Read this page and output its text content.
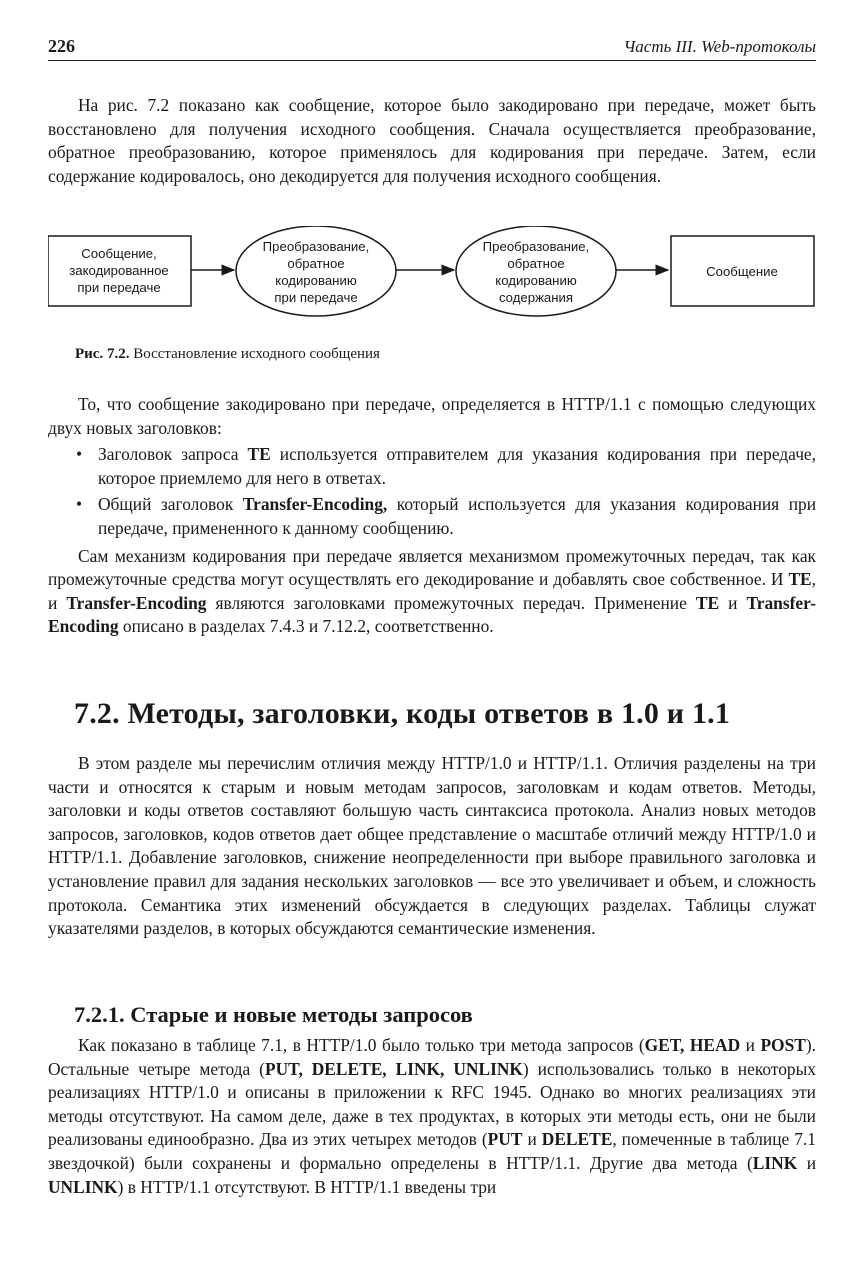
226	Часть III. Web-протоколы

На рис. 7.2 показано как сообщение, которое было закодировано при передаче, может быть восстановлено для получения исходного сообщения. Сначала осуществляется преобразование, обратное преобразованию, которое применялось для кодирования при передаче. Затем, если содержание кодировалось, оно декодируется для получения исходного сообщения.

Сообщение,
закодированное
при передаче
Преобразование,
обратное
кодированию
при передаче
Преобразование,
обратное
кодированию
содержания
Сообщение
Рис. 7.2. Восстановление исходного сообщения

То, что сообщение закодировано при передаче, определяется в HTTP/1.1 с помощью следующих двух новых заголовков:

• Заголовок запроса TE используется отправителем для указания кодирования при передаче, которое приемлемо для него в ответах.
• Общий заголовок Transfer-Encoding, который используется для указания кодирования при передаче, примененного к данному сообщению.

Сам механизм кодирования при передаче является механизмом промежуточных передач, так как промежуточные средства могут осуществлять его декодирование и добавлять свое собственное. И TE, и Transfer-Encoding являются заголовками промежуточных передач. Применение TE и Transfer-Encoding описано в разделах 7.4.3 и 7.12.2, соответственно.

7.2. Методы, заголовки, коды ответов в 1.0 и 1.1

В этом разделе мы перечислим отличия между HTTP/1.0 и HTTP/1.1. Отличия разделены на три части и относятся к старым и новым методам запросов, заголовкам и кодам ответов. Методы, заголовки и коды ответов составляют большую часть синтаксиса протокола. Анализ новых методов запросов, заголовков, кодов ответов дает общее представление о масштабе отличий между HTTP/1.0 и HTTP/1.1. Добавление заголовков, снижение неопределенности при выборе правильного заголовка и установление правил для задания нескольких заголовков — все это увеличивает и объем, и сложность протокола. Семантика этих изменений обсуждается в следующих разделах. Таблицы служат указателями разделов, в которых обсуждаются семантические изменения.

7.2.1. Старые и новые методы запросов

Как показано в таблице 7.1, в HTTP/1.0 было только три метода запросов (GET, HEAD и POST). Остальные четыре метода (PUT, DELETE, LINK, UNLINK) использовались только в некоторых реализациях HTTP/1.0 и описаны в приложении к RFC 1945. Однако во многих реализациях эти методы отсутствуют. На самом деле, даже в тех продуктах, в которых эти методы есть, они не были реализованы единообразно. Два из этих четырех методов (PUT и DELETE, помеченные в таблице 7.1 звездочкой) были сохранены и формально определены в HTTP/1.1. Другие два метода (LINK и UNLINK) в HTTP/1.1 отсутствуют. В HTTP/1.1 введены три
